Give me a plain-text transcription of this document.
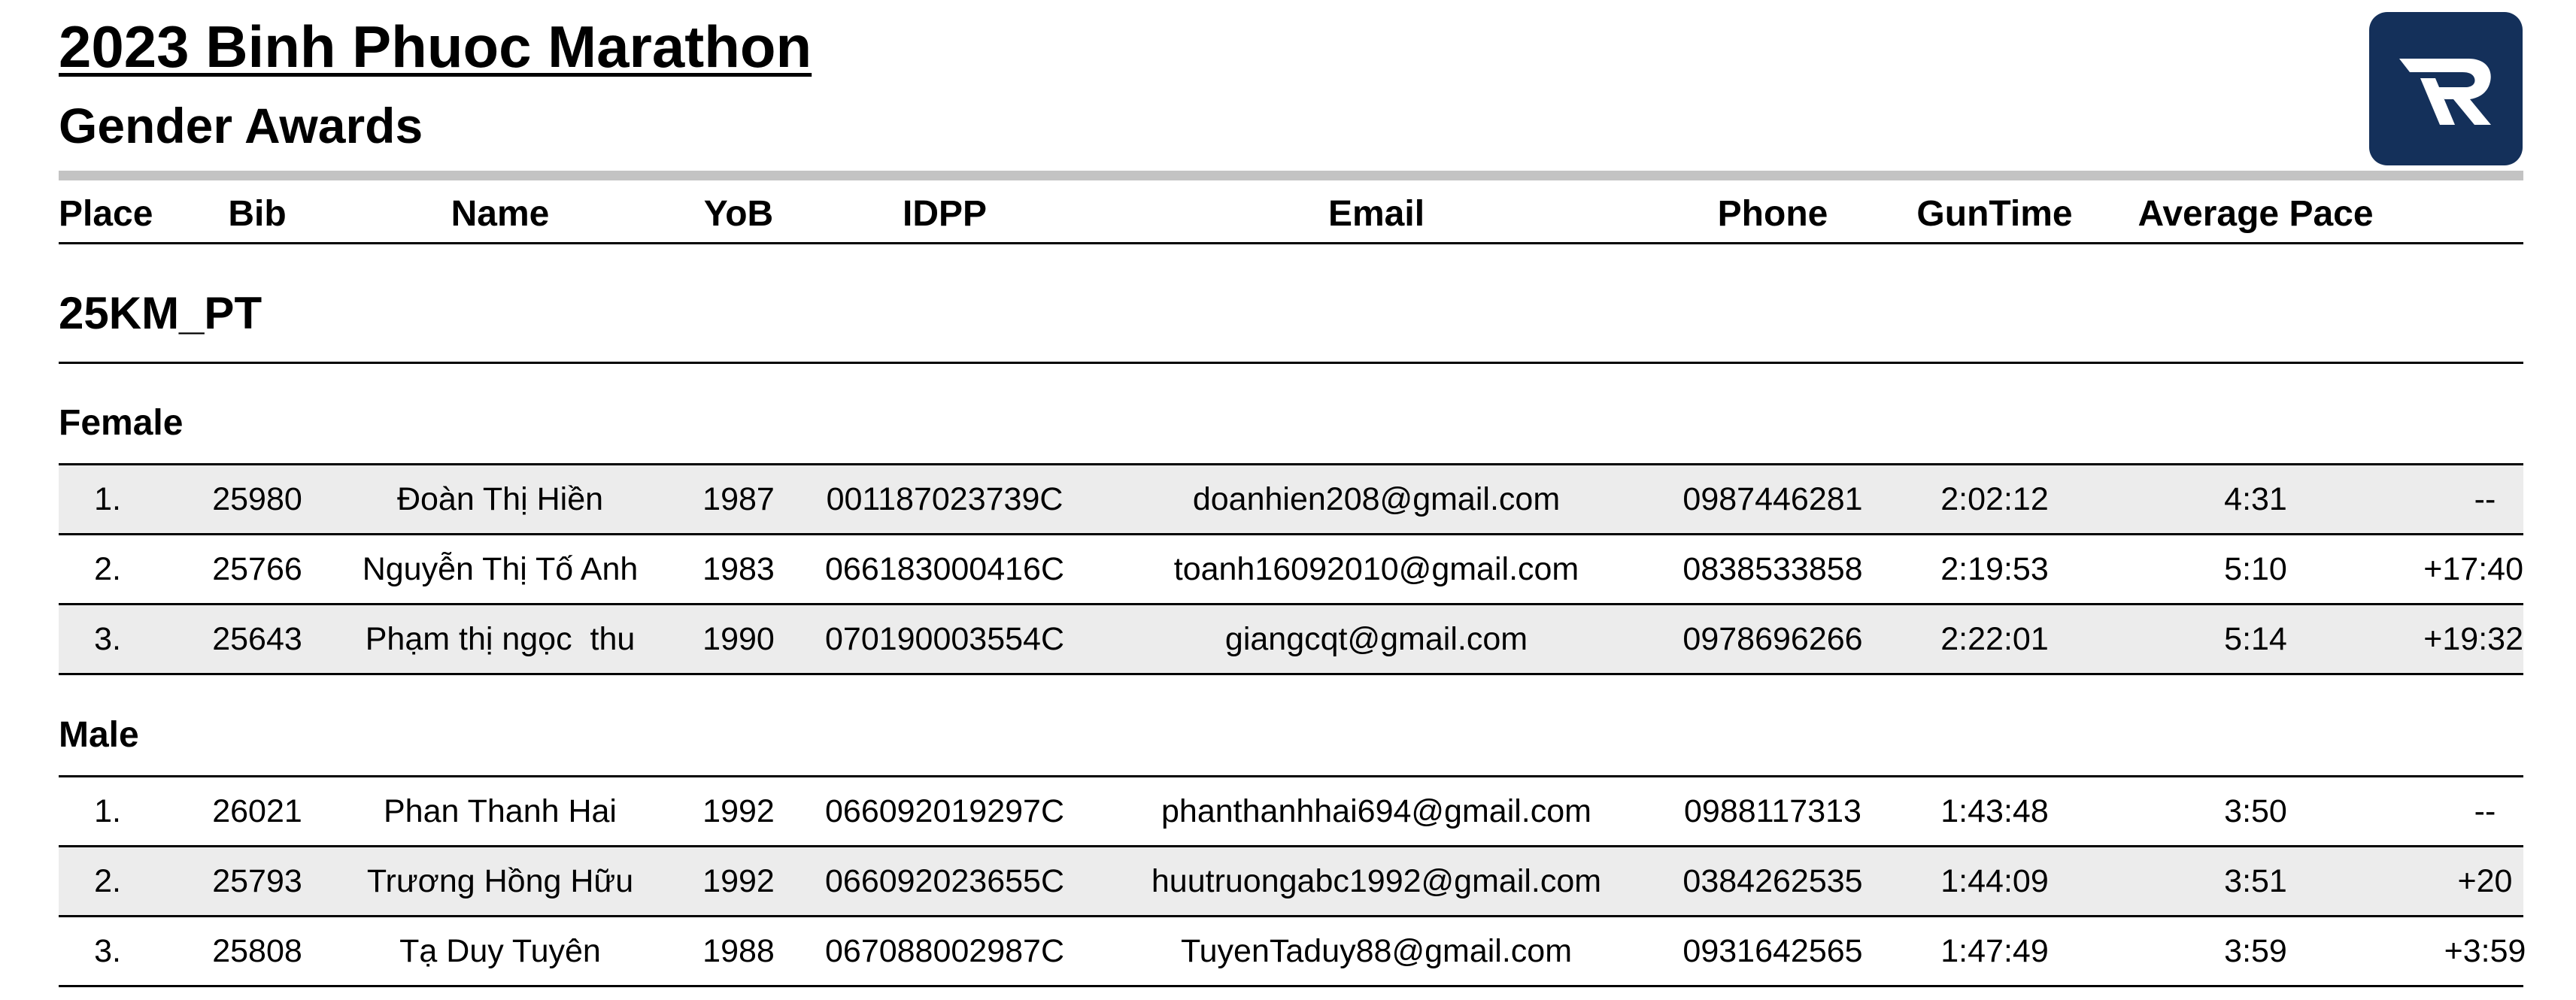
2023 Binh Phuoc Marathon
Gender Awards
Place Bib	Name	YoB	IDPP	Email	Phone GunTime Average Pace
25KM_PT
Female
1.	25980	Đoàn Thị Hiền	1987 001187023739C	doanhien208@gmail.com	0987446281 2:02:12	4:31	--
2.	25766 Nguyễn Thị Tố Anh 1983 066183000416C	toanh16092010@gmail.com	0838533858 2:19:53	5:10	+17:40
3.	25643 Phạm thị ngọc  thu 1990 070190003554C	giangcqt@gmail.com	0978696266 2:22:01	5:14	+19:32
Male
1.	26021	Phan Thanh Hai	1992 066092019297C	phanthanhhai694@gmail.com	0988117313 1:43:48	3:50	--
2.	25793 Trương Hồng Hữu 1992 066092023655C	huutruongabc1992@gmail.com	0384262535 1:44:09	3:51	+20
3.	25808	Tạ Duy Tuyên	1988 067088002987C	TuyenTaduy88@gmail.com	0931642565 1:47:49	3:59	+3:59
